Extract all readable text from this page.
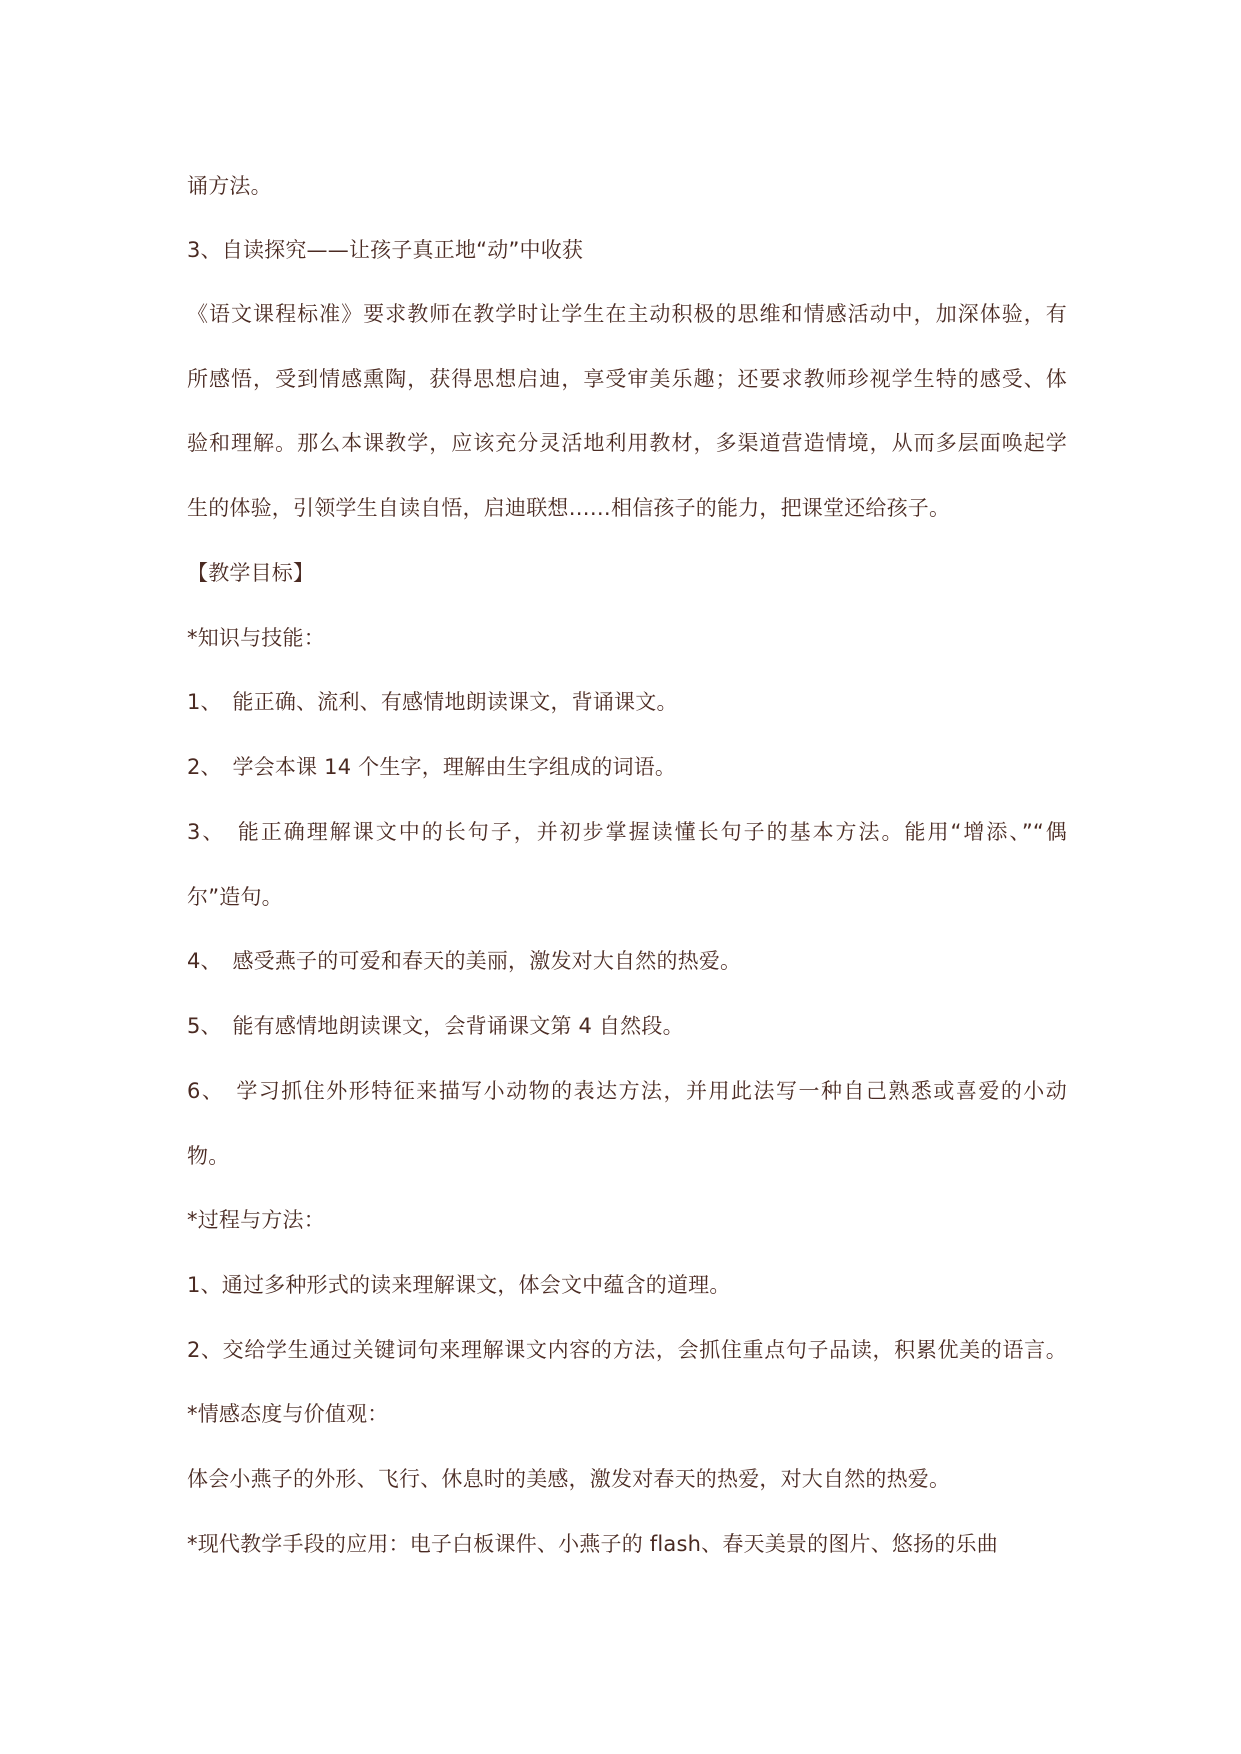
诵方法。
3、自读探究——让孩子真正地“动”中收获
《语文课程标准》要求教师在教学时让学生在主动积极的思维和情感活动中，加深体验，有
所感悟，受到情感熏陶，获得思想启迪，享受审美乐趣；还要求教师珍视学生特的感受、体
验和理解。那么本课教学，应该充分灵活地利用教材，多渠道营造情境，从而多层面唤起学
生的体验，引领学生自读自悟，启迪联想……相信孩子的能力，把课堂还给孩子。
【教学目标】
*知识与技能：
1、　能正确、流利、有感情地朗读课文，背诵课文。
2、　学会本课 14 个生字，理解由生字组成的词语。
3、　能正确理解课文中的长句子，并初步掌握读懂长句子的基本方法。能用“增添、”“偶
尔”造句。
4、　感受燕子的可爱和春天的美丽，激发对大自然的热爱。
5、　能有感情地朗读课文，会背诵课文第 4 自然段。
6、　学习抓住外形特征来描写小动物的表达方法，并用此法写一种自己熟悉或喜爱的小动
物。
*过程与方法：
1、通过多种形式的读来理解课文，体会文中蕴含的道理。
2、交给学生通过关键词句来理解课文内容的方法，会抓住重点句子品读，积累优美的语言。
*情感态度与价值观：
体会小燕子的外形、飞行、休息时的美感，激发对春天的热爱，对大自然的热爱。
*现代教学手段的应用：电子白板课件、小燕子的 flash、春天美景的图片、悠扬的乐曲
